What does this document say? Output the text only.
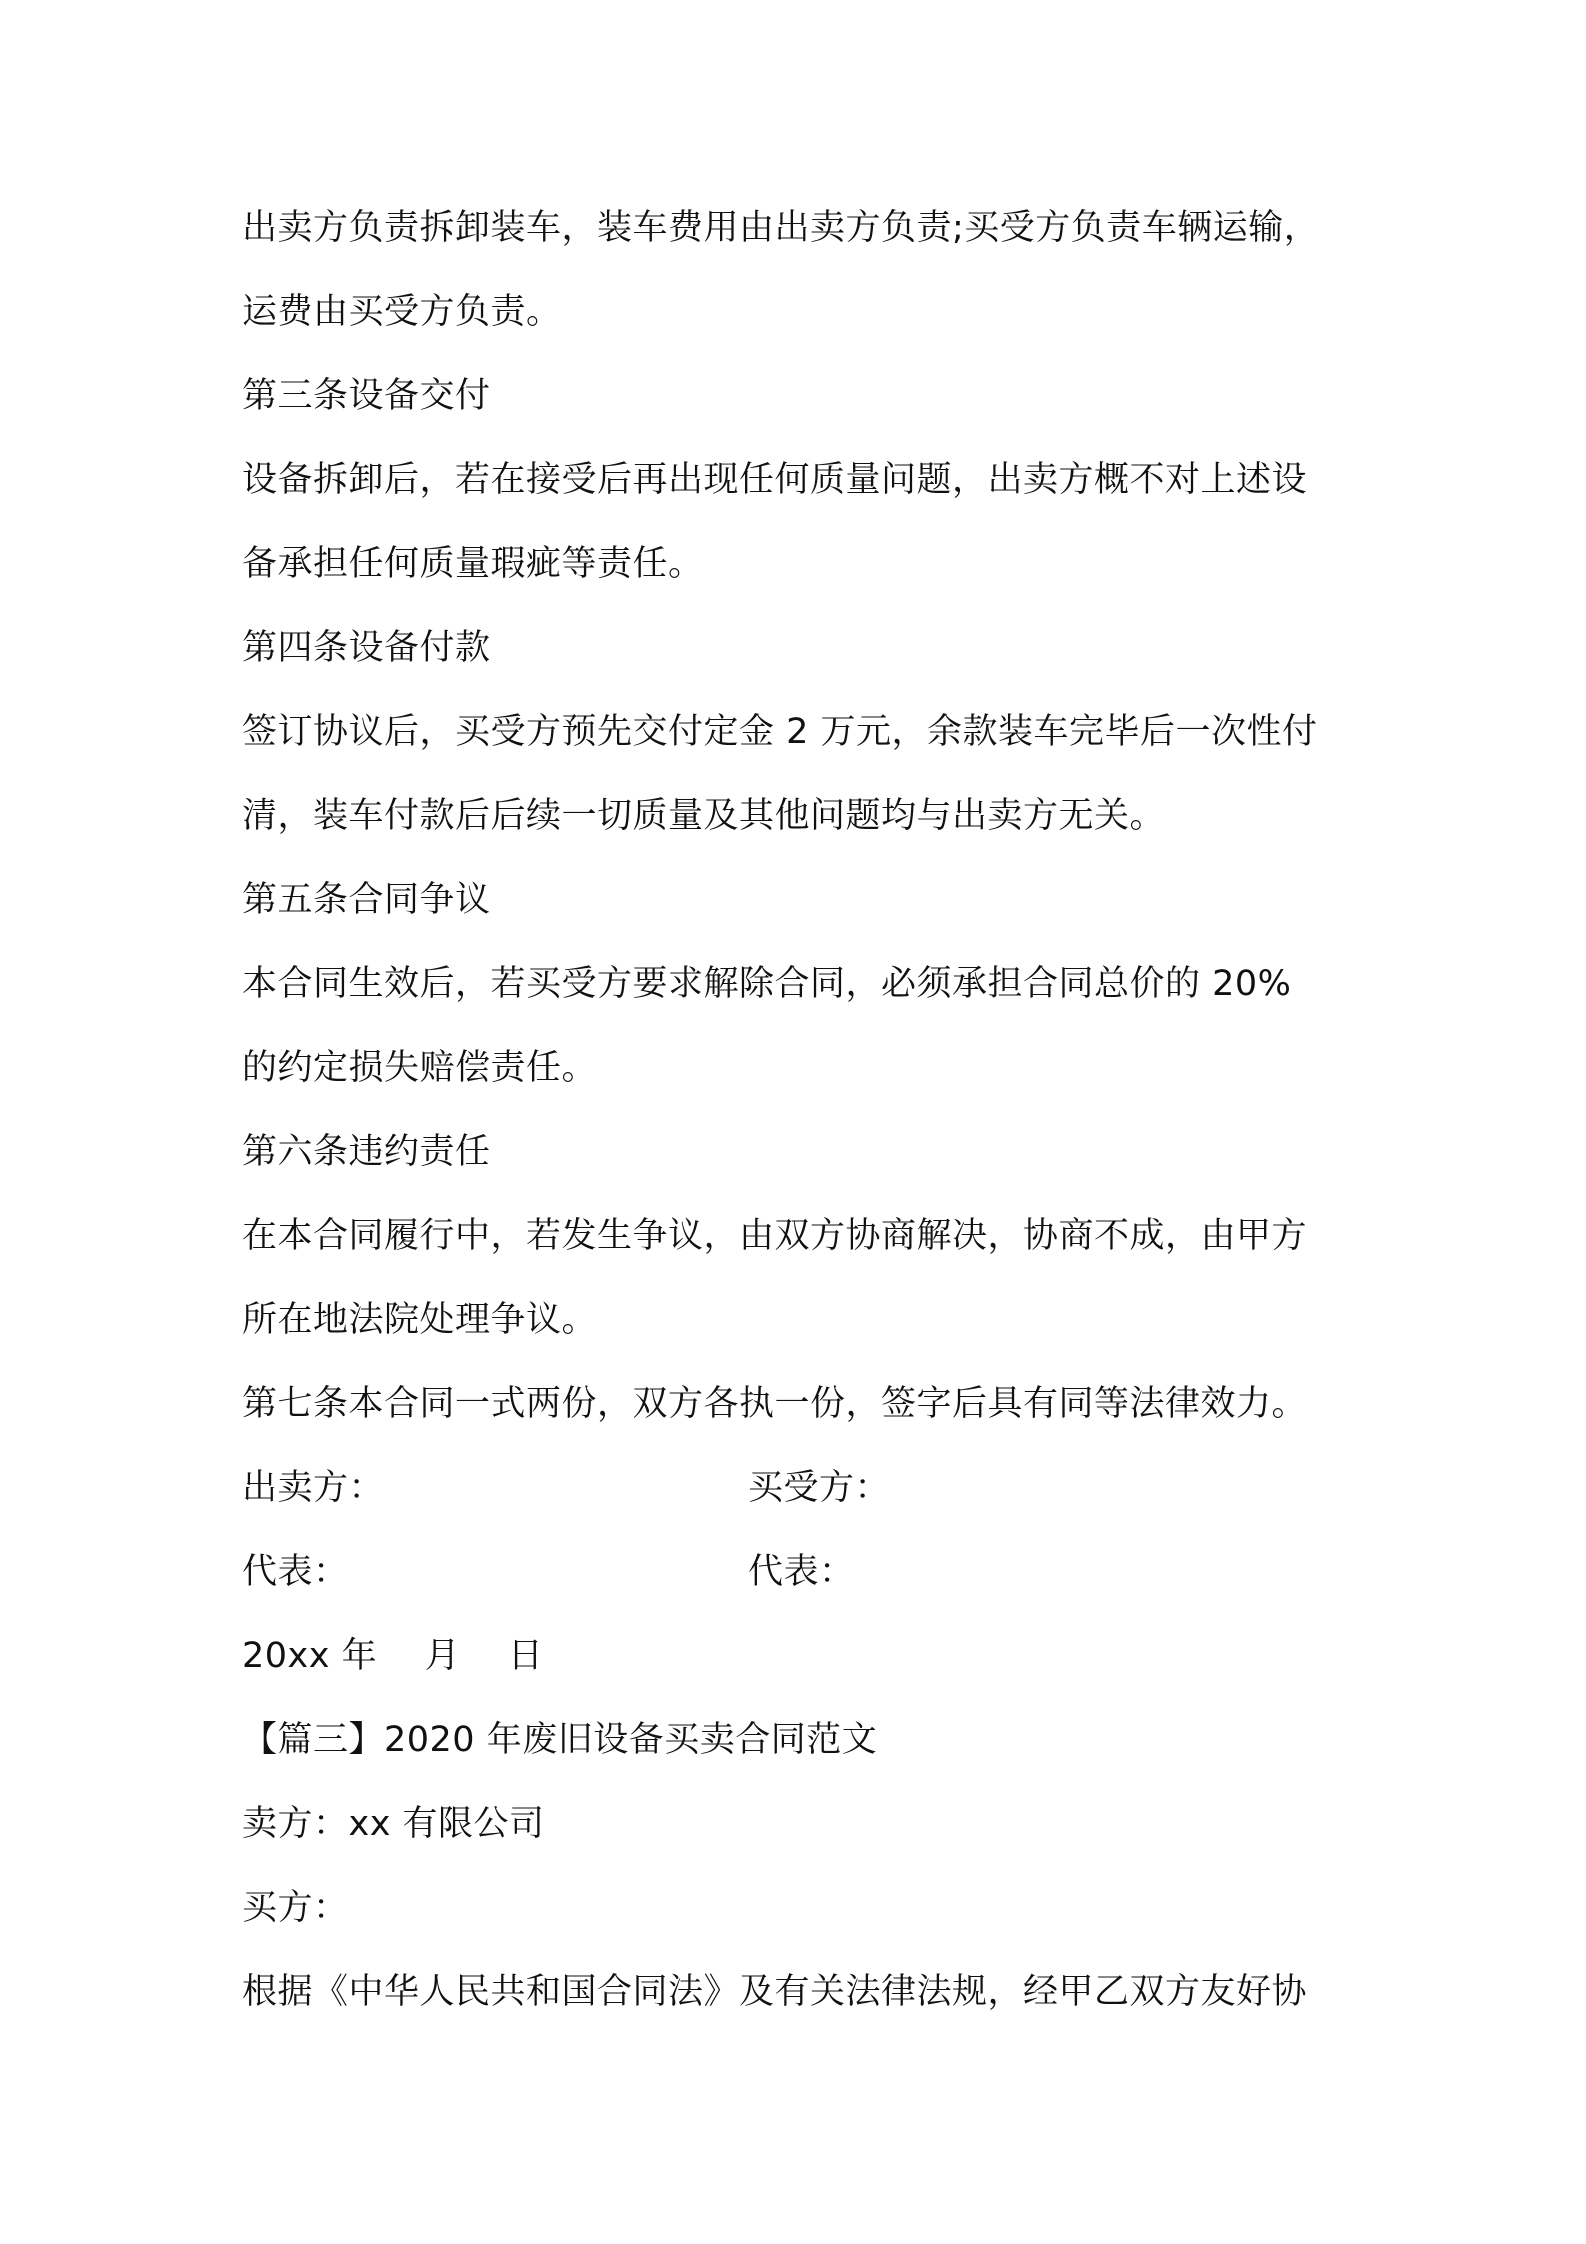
出卖方负责拆卸装车，装车费用由出卖方负责;买受方负责车辆运输，
运费由买受方负责。
第三条设备交付
设备拆卸后，若在接受后再出现任何质量问题，出卖方概不对上述设
备承担任何质量瑕疵等责任。
第四条设备付款
签订协议后，买受方预先交付定金 2 万元，余款装车完毕后一次性付
清，装车付款后后续一切质量及其他问题均与出卖方无关。
第五条合同争议
本合同生效后，若买受方要求解除合同，必须承担合同总价的 20%
的约定损失赔偿责任。
第六条违约责任
在本合同履行中，若发生争议，由双方协商解决，协商不成，由甲方
所在地法院处理争议。
第七条本合同一式两份，双方各执一份，签字后具有同等法律效力。
出卖方：	买受方：
代表：	代表：
20xx 年 月 日
【篇三】2020 年废旧设备买卖合同范文
卖方：xx 有限公司
买方：
根据《中华人民共和国合同法》及有关法律法规，经甲乙双方友好协
